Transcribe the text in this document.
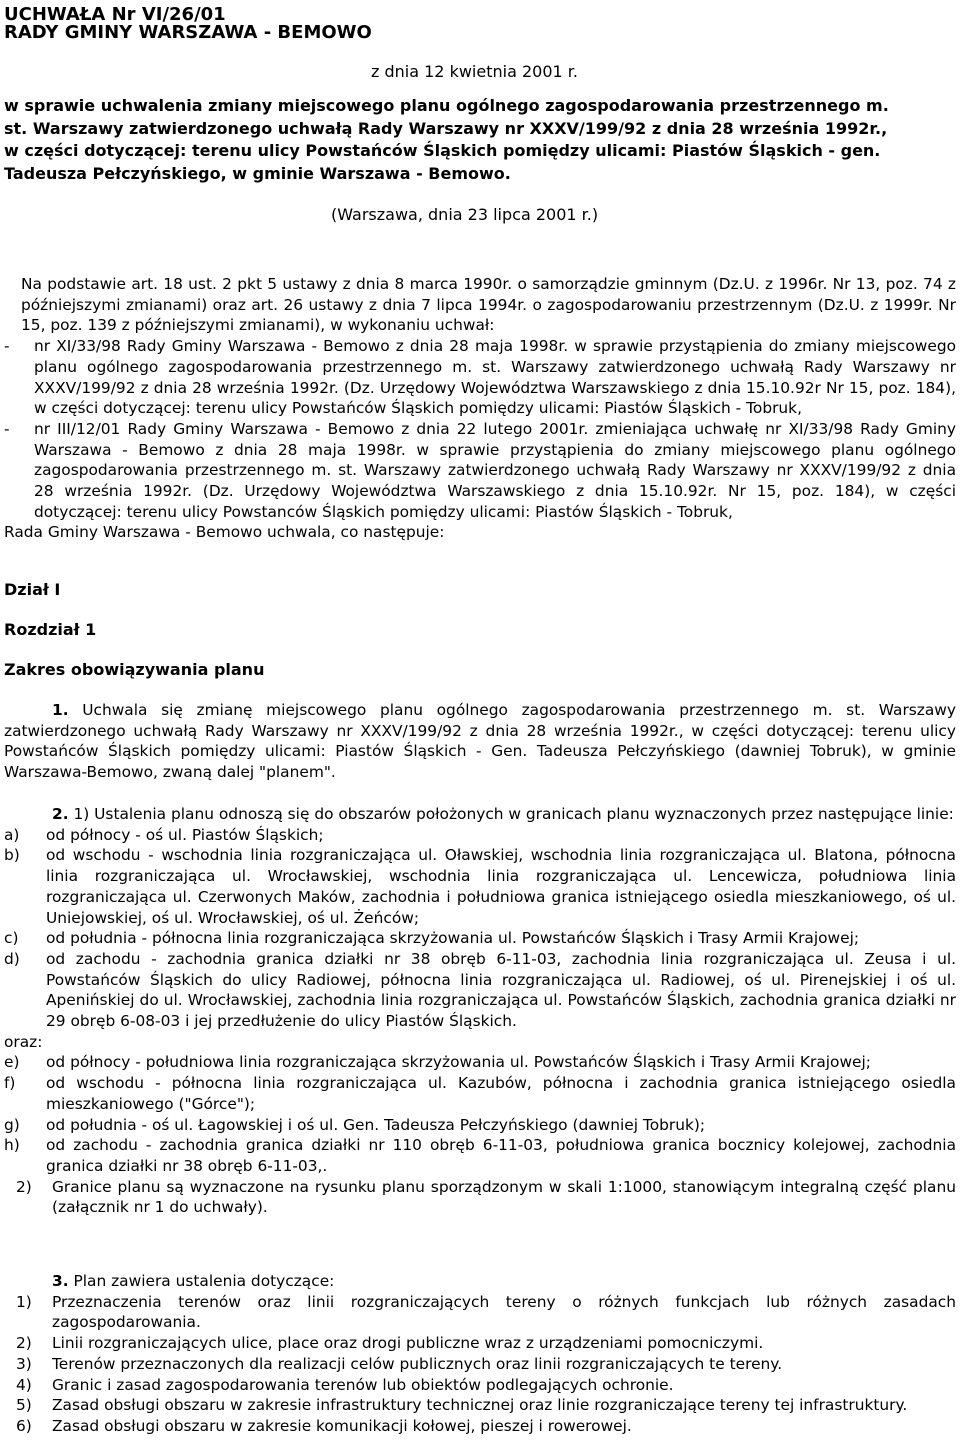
UCHWAŁA Nr VI/26/01
RADY GMINY WARSZAWA - BEMOWO
z dnia 12 kwietnia 2001 r.
w sprawie uchwalenia zmiany miejscowego planu ogólnego zagospodarowania przestrzennego m.
st. Warszawy zatwierdzonego uchwałą Rady Warszawy nr XXXV/199/92 z dnia 28 września 1992r.,
w części dotyczącej: terenu ulicy Powstańców Śląskich pomiędzy ulicami: Piastów Śląskich - gen.
Tadeusza Pełczyńskiego, w gminie Warszawa - Bemowo.
(Warszawa, dnia 23 lipca 2001 r.)

Na podstawie art. 18 ust. 2 pkt 5 ustawy z dnia 8 marca 1990r. o samorządzie gminnym (Dz.U. z 1996r. Nr 13, poz. 74 z późniejszymi zmianami) oraz art. 26 ustawy z dnia 7 lipca 1994r. o zagospodarowaniu przestrzennym (Dz.U. z 1999r. Nr 15, poz. 139 z późniejszymi zmianami), w wykonaniu uchwał:

-	nr XI/33/98 Rady Gminy Warszawa - Bemowo z dnia 28 maja 1998r. w sprawie przystąpienia do zmiany miejscowego planu ogólnego zagospodarowania przestrzennego m. st. Warszawy zatwierdzonego uchwałą Rady Warszawy nr XXXV/199/92 z dnia 28 września 1992r. (Dz. Urzędowy Województwa Warszawskiego z dnia 15.10.92r Nr 15, poz. 184), w części dotyczącej: terenu ulicy Powstańców Śląskich pomiędzy ulicami: Piastów Śląskich - Tobruk,
-	nr III/12/01 Rady Gminy Warszawa - Bemowo z dnia 22 lutego 2001r. zmieniająca uchwałę nr XI/33/98 Rady Gminy Warszawa - Bemowo z dnia 28 maja 1998r. w sprawie przystąpienia do zmiany miejscowego planu ogólnego zagospodarowania przestrzennego m. st. Warszawy zatwierdzonego uchwałą Rady Warszawy nr XXXV/199/92 z dnia 28 września 1992r. (Dz. Urzędowy Województwa Warszawskiego z dnia 15.10.92r. Nr 15, poz. 184), w części dotyczącej: terenu ulicy Powstanców Śląskich pomiędzy ulicami: Piastów Śląskich - Tobruk,

Rada Gminy Warszawa - Bemowo uchwala, co następuje:

Dział I
Rozdział 1
Zakres obowiązywania planu

1. Uchwala się zmianę miejscowego planu ogólnego zagospodarowania przestrzennego m. st. Warszawy zatwierdzonego uchwałą Rady Warszawy nr XXXV/199/92 z dnia 28 września 1992r., w części dotyczącej: terenu ulicy Powstańców Śląskich pomiędzy ulicami: Piastów Śląskich - Gen. Tadeusza Pełczyńskiego (dawniej Tobruk), w gminie Warszawa-Bemowo, zwaną dalej "planem".

2. 1) Ustalenia planu odnoszą się do obszarów położonych w granicach planu wyznaczonych przez następujące linie:

a)	od północy - oś ul. Piastów Śląskich;
b)	od wschodu - wschodnia linia rozgraniczająca ul. Oławskiej, wschodnia linia rozgraniczająca ul. Blatona, północna linia rozgraniczająca ul. Wrocławskiej, wschodnia linia rozgraniczająca ul. Lencewicza, południowa linia rozgraniczająca ul. Czerwonych Maków, zachodnia i południowa granica istniejącego osiedla mieszkaniowego, oś ul. Uniejowskiej, oś ul. Wrocławskiej, oś ul. Żeńców;
c)	od południa - północna linia rozgraniczająca skrzyżowania ul. Powstańców Śląskich i Trasy Armii Krajowej;
d)	od zachodu - zachodnia granica działki nr 38 obręb 6-11-03, zachodnia linia rozgraniczająca ul. Zeusa i ul. Powstańców Śląskich do ulicy Radiowej, północna linia rozgraniczająca ul. Radiowej, oś ul. Pirenejskiej i oś ul. Apenińskiej do ul. Wrocławskiej, zachodnia linia rozgraniczająca ul. Powstańców Śląskich, zachodnia granica działki nr 29 obręb 6-08-03 i jej przedłużenie do ulicy Piastów Śląskich.

oraz:

e)	od północy - południowa linia rozgraniczająca skrzyżowania ul. Powstańców Śląskich i Trasy Armii Krajowej;
f)	od wschodu - północna linia rozgraniczająca ul. Kazubów, północna i zachodnia granica istniejącego osiedla mieszkaniowego ("Górce");
g)	od południa - oś ul. Łagowskiej i oś ul. Gen. Tadeusza Pełczyńskiego (dawniej Tobruk);
h)	od zachodu - zachodnia granica działki nr 110 obręb 6-11-03, południowa granica bocznicy kolejowej, zachodnia granica działki nr 38 obręb 6-11-03,.
2)	Granice planu są wyznaczone na rysunku planu sporządzonym w skali 1:1000, stanowiącym integralną część planu (załącznik nr 1 do uchwały).

3. Plan zawiera ustalenia dotyczące:

1)	Przeznaczenia terenów oraz linii rozgraniczających tereny o różnych funkcjach lub różnych zasadach zagospodarowania.
2)	Linii rozgraniczających ulice, place oraz drogi publiczne wraz z urządzeniami pomocniczymi.
3)	Terenów przeznaczonych dla realizacji celów publicznych oraz linii rozgraniczających te tereny.
4)	Granic i zasad zagospodarowania terenów lub obiektów podlegających ochronie.
5)	Zasad obsługi obszaru w zakresie infrastruktury technicznej oraz linie rozgraniczające tereny tej infrastruktury.
6)	Zasad obsługi obszaru w zakresie komunikacji kołowej, pieszej i rowerowej.
